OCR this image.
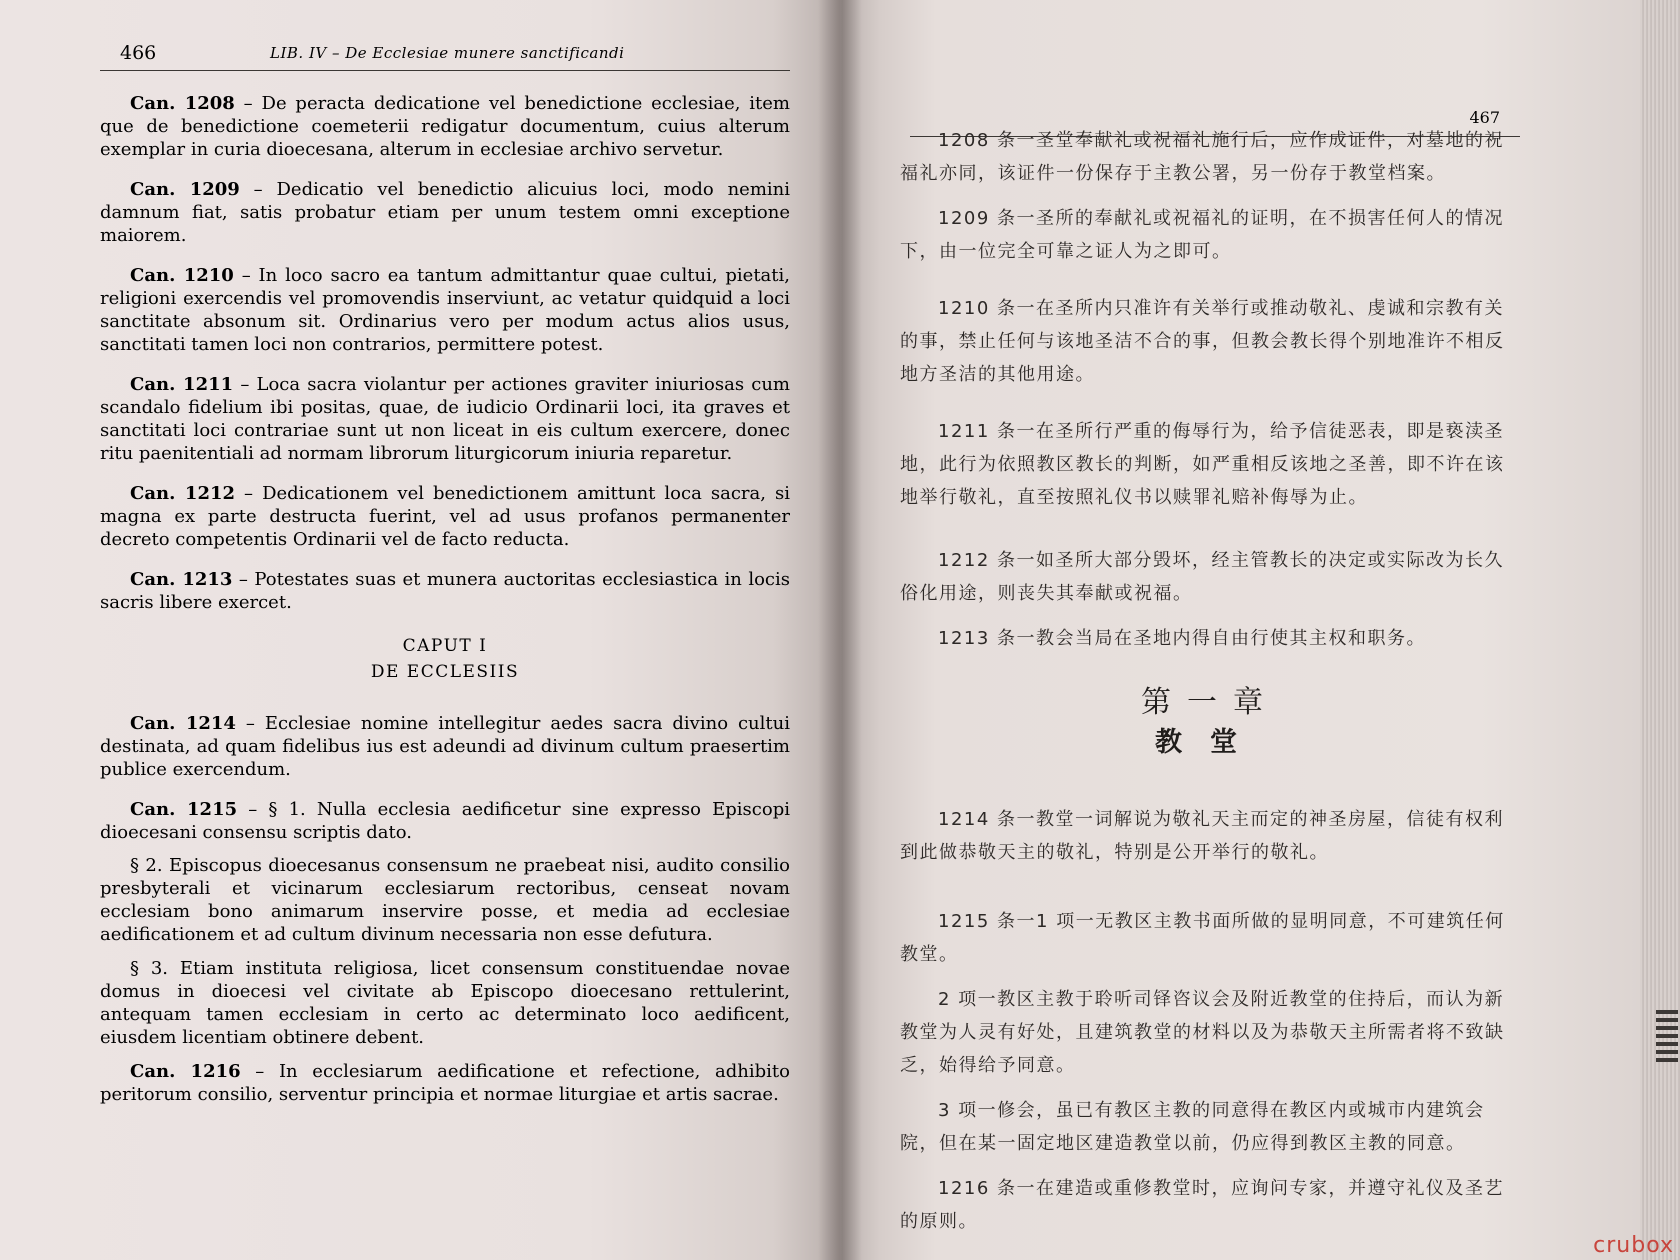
466	LIB. IV – De Ecclesiae munere sanctificandi

Can. 1208 – De peracta dedicatione vel benedictione ecclesiae, item que de benedictione coemeterii redigatur documentum, cuius alterum exemplar in curia dioecesana, alterum in ecclesiae archivo servetur.

Can. 1209 – Dedicatio vel benedictio alicuius loci, modo nemini damnum fiat, satis probatur etiam per unum testem omni exceptione maiorem.

Can. 1210 – In loco sacro ea tantum admittantur quae cultui, pietati, religioni exercendis vel promovendis inserviunt, ac vetatur quidquid a loci sanctitate absonum sit. Ordinarius vero per modum actus alios usus, sanctitati tamen loci non contrarios, permittere potest.

Can. 1211 – Loca sacra violantur per actiones graviter iniuriosas cum scandalo fidelium ibi positas, quae, de iudicio Ordinarii loci, ita graves et sanctitati loci contrariae sunt ut non liceat in eis cultum exercere, donec ritu paenitentiali ad normam librorum liturgicorum iniuria reparetur.

Can. 1212 – Dedicationem vel benedictionem amittunt loca sacra, si magna ex parte destructa fuerint, vel ad usus profanos permanenter decreto competentis Ordinarii vel de facto reducta.

Can. 1213 – Potestates suas et munera auctoritas ecclesiastica in locis sacris libere exercet.

CAPUT I
DE ECCLESIIS

Can. 1214 – Ecclesiae nomine intellegitur aedes sacra divino cultui destinata, ad quam fidelibus ius est adeundi ad divinum cultum praesertim publice exercendum.

Can. 1215 – § 1. Nulla ecclesia aedificetur sine expresso Episcopi dioecesani consensu scriptis dato.

§ 2. Episcopus dioecesanus consensum ne praebeat nisi, audito consilio presbyterali et vicinarum ecclesiarum rectoribus, censeat novam ecclesiam bono animarum inservire posse, et media ad ecclesiae aedificationem et ad cultum divinum necessaria non esse defutura.

§ 3. Etiam instituta religiosa, licet consensum constituendae novae domus in dioecesi vel civitate ab Episcopo dioecesano rettulerint, antequam tamen ecclesiam in certo ac determinato loco aedificent, eiusdem licentiam obtinere debent.

Can. 1216 – In ecclesiarum aedificatione et refectione, adhibito peritorum consilio, serventur principia et normae liturgiae et artis sacrae.

467

1208 条一圣堂奉献礼或祝福礼施行后，应作成证件，对墓地的祝福礼亦同，该证件一份保存于主教公署，另一份存于教堂档案。

1209 条一圣所的奉献礼或祝福礼的证明，在不损害任何人的情况下，由一位完全可靠之证人为之即可。

1210 条一在圣所内只准许有关举行或推动敬礼、虔诚和宗教有关的事，禁止任何与该地圣洁不合的事，但教会教长得个别地准许不相反地方圣洁的其他用途。

1211 条一在圣所行严重的侮辱行为，给予信徒恶表，即是亵渎圣地，此行为依照教区教长的判断，如严重相反该地之圣善，即不许在该地举行敬礼，直至按照礼仪书以赎罪礼赔补侮辱为止。

1212 条一如圣所大部分毁坏，经主管教长的决定或实际改为长久俗化用途，则丧失其奉献或祝福。

1213 条一教会当局在圣地内得自由行使其主权和职务。

第一章
教堂

1214 条一教堂一词解说为敬礼天主而定的神圣房屋，信徒有权利到此做恭敬天主的敬礼，特别是公开举行的敬礼。

1215 条一1 项一无教区主教书面所做的显明同意，不可建筑任何教堂。

2 项一教区主教于聆听司铎咨议会及附近教堂的住持后，而认为新教堂为人灵有好处，且建筑教堂的材料以及为恭敬天主所需者将不致缺乏，始得给予同意。

3 项一修会，虽已有教区主教的同意得在教区内或城市内建筑会院，但在某一固定地区建造教堂以前，仍应得到教区主教的同意。

1216 条一在建造或重修教堂时，应询问专家，并遵守礼仪及圣艺的原则。

crubox
